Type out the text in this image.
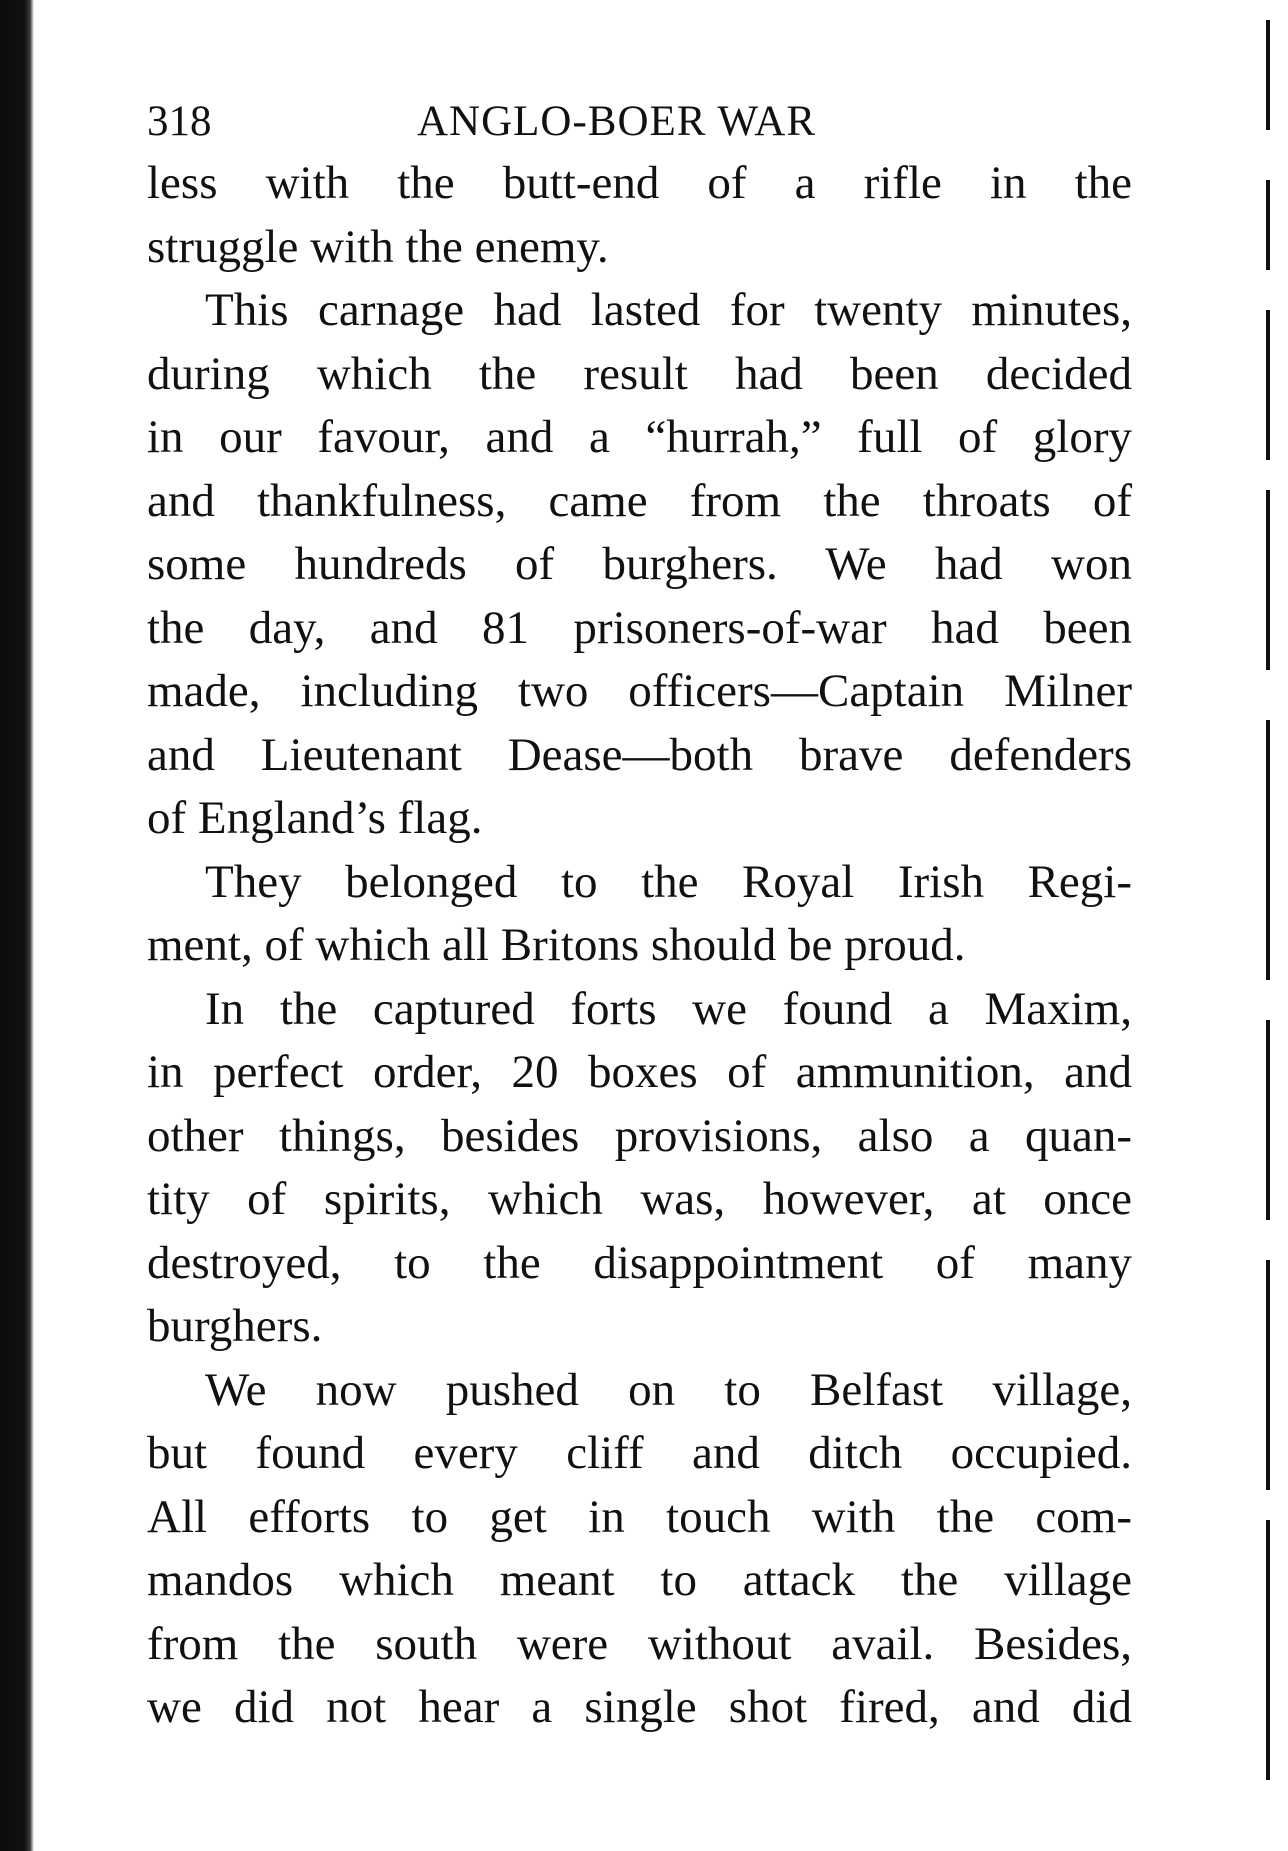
318	ANGLO-BOER WAR
less with the butt-end of a rifle in the
struggle with the enemy.
This carnage had lasted for twenty minutes,
during which the result had been decided
in our favour, and a “hurrah,” full of glory
and thankfulness, came from the throats of
some hundreds of burghers. We had won
the day, and 81 prisoners-of-war had been
made, including two officers—Captain Milner
and Lieutenant Dease—both brave defenders
of England’s flag.
They belonged to the Royal Irish Regi-
ment, of which all Britons should be proud.
In the captured forts we found a Maxim,
in perfect order, 20 boxes of ammunition, and
other things, besides provisions, also a quan-
tity of spirits, which was, however, at once
destroyed, to the disappointment of many
burghers.
We now pushed on to Belfast village,
but found every cliff and ditch occupied.
All efforts to get in touch with the com-
mandos which meant to attack the village
from the south were without avail. Besides,
we did not hear a single shot fired, and did
